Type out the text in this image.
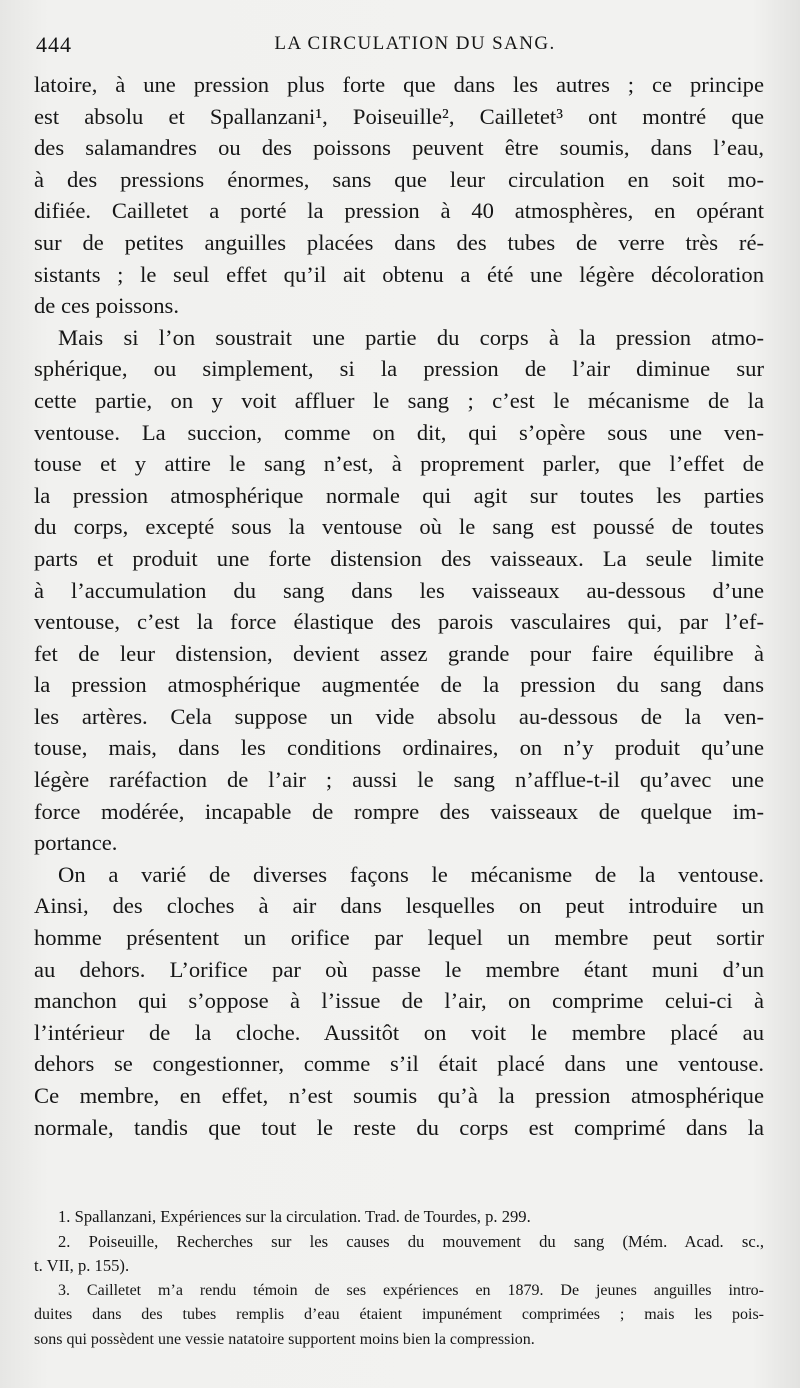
444	LA CIRCULATION DU SANG.
latoire, à une pression plus forte que dans les autres ; ce principe
est absolu et Spallanzani¹, Poiseuille², Cailletet³ ont montré que
des salamandres ou des poissons peuvent être soumis, dans l’eau,
à des pressions énormes, sans que leur circulation en soit mo-
difiée. Cailletet a porté la pression à 40 atmosphères, en opérant
sur de petites anguilles placées dans des tubes de verre très ré-
sistants ; le seul effet qu’il ait obtenu a été une légère décoloration
de ces poissons.
Mais si l’on soustrait une partie du corps à la pression atmo-
sphérique, ou simplement, si la pression de l’air diminue sur
cette partie, on y voit affluer le sang ; c’est le mécanisme de la
ventouse. La succion, comme on dit, qui s’opère sous une ven-
touse et y attire le sang n’est, à proprement parler, que l’effet de
la pression atmosphérique normale qui agit sur toutes les parties
du corps, excepté sous la ventouse où le sang est poussé de toutes
parts et produit une forte distension des vaisseaux. La seule limite
à l’accumulation du sang dans les vaisseaux au-dessous d’une
ventouse, c’est la force élastique des parois vasculaires qui, par l’ef-
fet de leur distension, devient assez grande pour faire équilibre à
la pression atmosphérique augmentée de la pression du sang dans
les artères. Cela suppose un vide absolu au-dessous de la ven-
touse, mais, dans les conditions ordinaires, on n’y produit qu’une
légère raréfaction de l’air ; aussi le sang n’afflue-t-il qu’avec une
force modérée, incapable de rompre des vaisseaux de quelque im-
portance.
On a varié de diverses façons le mécanisme de la ventouse.
Ainsi, des cloches à air dans lesquelles on peut introduire un
homme présentent un orifice par lequel un membre peut sortir
au dehors. L’orifice par où passe le membre étant muni d’un
manchon qui s’oppose à l’issue de l’air, on comprime celui-ci à
l’intérieur de la cloche. Aussitôt on voit le membre placé au
dehors se congestionner, comme s’il était placé dans une ventouse.
Ce membre, en effet, n’est soumis qu’à la pression atmosphérique
normale, tandis que tout le reste du corps est comprimé dans la
1. Spallanzani, Expériences sur la circulation. Trad. de Tourdes, p. 299.
2. Poiseuille, Recherches sur les causes du mouvement du sang (Mém. Acad. sc.,
t. VII, p. 155).
3. Cailletet m’a rendu témoin de ses expériences en 1879. De jeunes anguilles intro-
duites dans des tubes remplis d’eau étaient impunément comprimées ; mais les pois-
sons qui possèdent une vessie natatoire supportent moins bien la compression.
